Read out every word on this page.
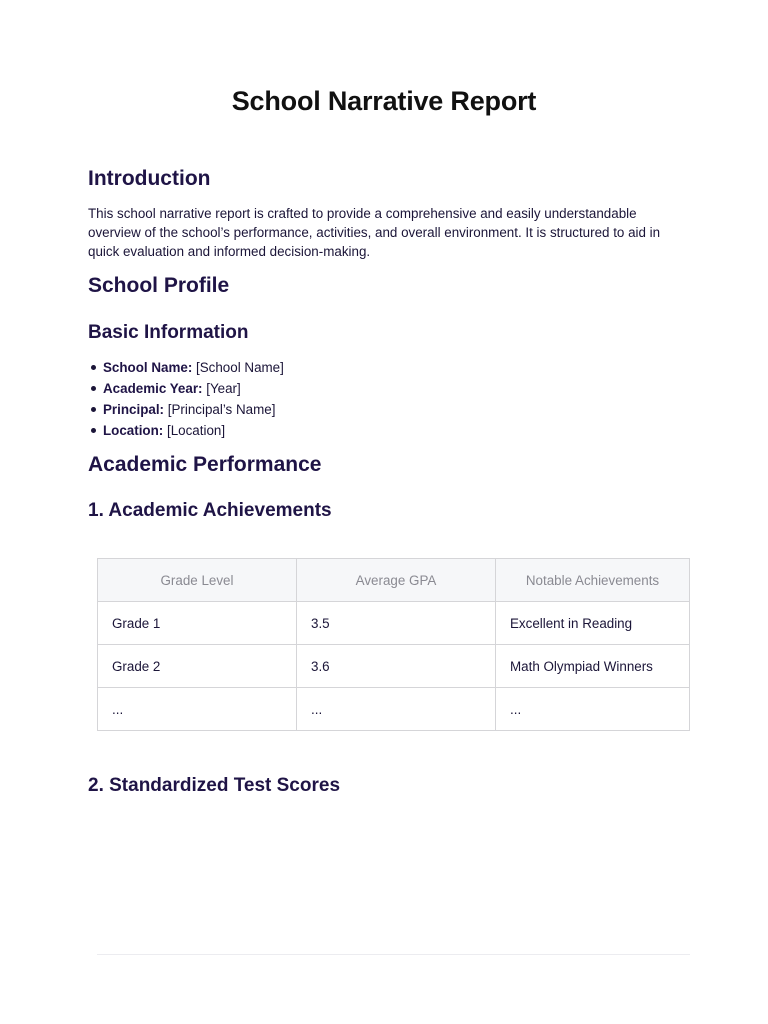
School Narrative Report
Introduction

This school narrative report is crafted to provide a comprehensive and easily understandable overview of the school’s performance, activities, and overall environment. It is structured to aid in quick evaluation and informed decision-making.

School Profile
Basic Information
School Name: [School Name]
Academic Year: [Year]
Principal: [Principal’s Name]
Location: [Location]
Academic Performance
1. Academic Achievements
Grade Level	Average GPA	Notable Achievements
Grade 1	3.5	Excellent in Reading
Grade 2	3.6	Math Olympiad Winners
...	...	...
2. Standardized Test Scores
